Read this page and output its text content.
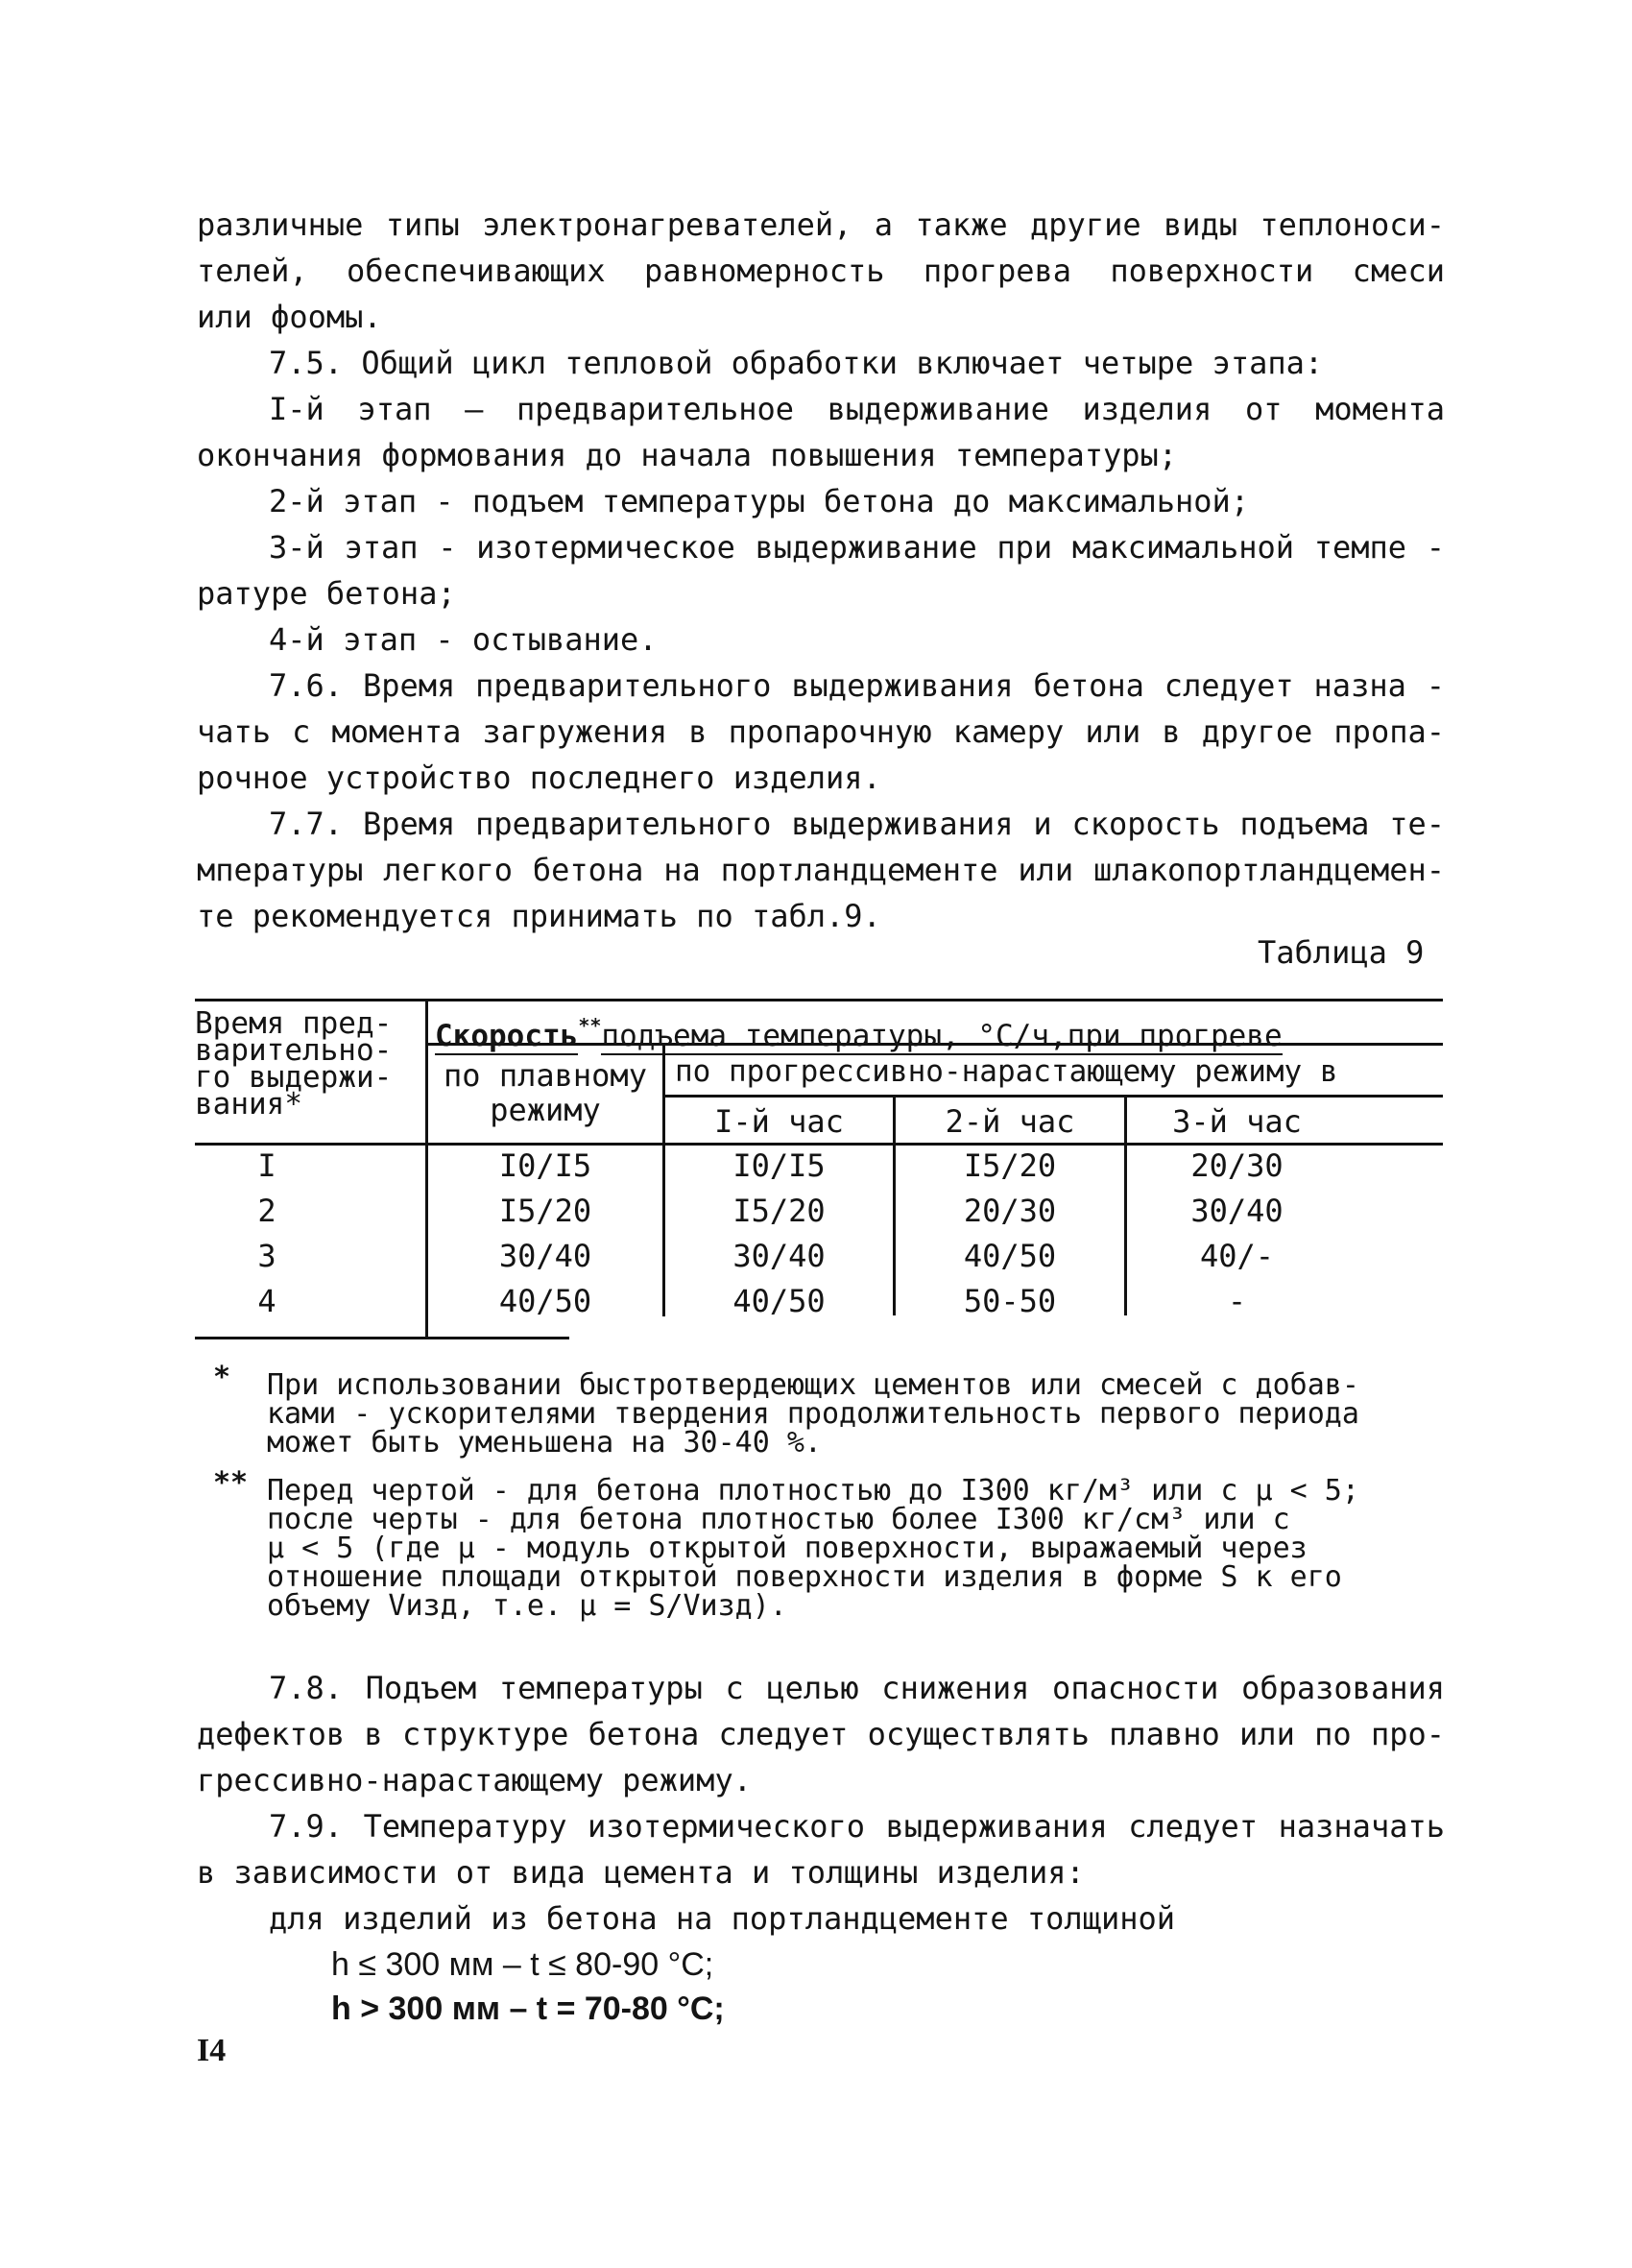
различные типы электронагревателей, а также другие виды теплоноси-
телей, обеспечивающих равномерность прогрева поверхности смеси
или фоомы.
7.5. Общий цикл тепловой обработки включает четыре этапа:
I-й этап – предварительное выдерживание изделия от момента
окончания формования до начала повышения температуры;
2-й этап - подъем температуры бетона до максимальной;
3-й этап - изотермическое выдерживание при максимальной темпе -
ратуре бетона;
4-й этап - остывание.
7.6. Время предварительного выдерживания бетона следует назна -
чать с момента загружения в пропарочную камеру или в другое пропа-
рочное устройство последнего изделия.
7.7. Время предварительного выдерживания и скорость подъема те-
мпературы легкого бетона на портландцементе или шлакопортландцемен-
те рекомендуется принимать по табл.9.
Таблица 9
Время пред-
варительно-
го выдержи-
вания*
Скорость**подъема температуры, °С/ч,при прогреве
по плавному
режиму
по прогрессивно-нарастающему режиму в
I-й час	2-й час	3-й час
I	I0/I5	I0/I5	I5/20	20/30
2	I5/20	I5/20	20/30	30/40
3	30/40	30/40	40/50	40/-
4	40/50	40/50	50-50	-
* При использовании быстротвердеющих цементов или смесей с добав-
ками - ускорителями твердения продолжительность первого периода
может быть уменьшена на 30-40 %.
** Перед чертой - для бетона плотностью до I300 кг/м³ или с μ < 5;
после черты - для бетона плотностью более I300 кг/см³ или с
μ < 5 (где μ - модуль открытой поверхности, выражаемый через
отношение площади открытой поверхности изделия в форме S к его
объему Vизд, т.е. μ = S/Vизд).
7.8. Подъем температуры с целью снижения опасности образования
дефектов в структуре бетона следует осуществлять плавно или по про-
грессивно-нарастающему режиму.
7.9. Температуру изотермического выдерживания следует назначать
в зависимости от вида цемента и толщины изделия:
для изделий из бетона на портландцементе толщиной
h ≤ 300 мм – t ≤ 80-90 °С;
h > 300 мм – t = 70-80 °С;
I4
